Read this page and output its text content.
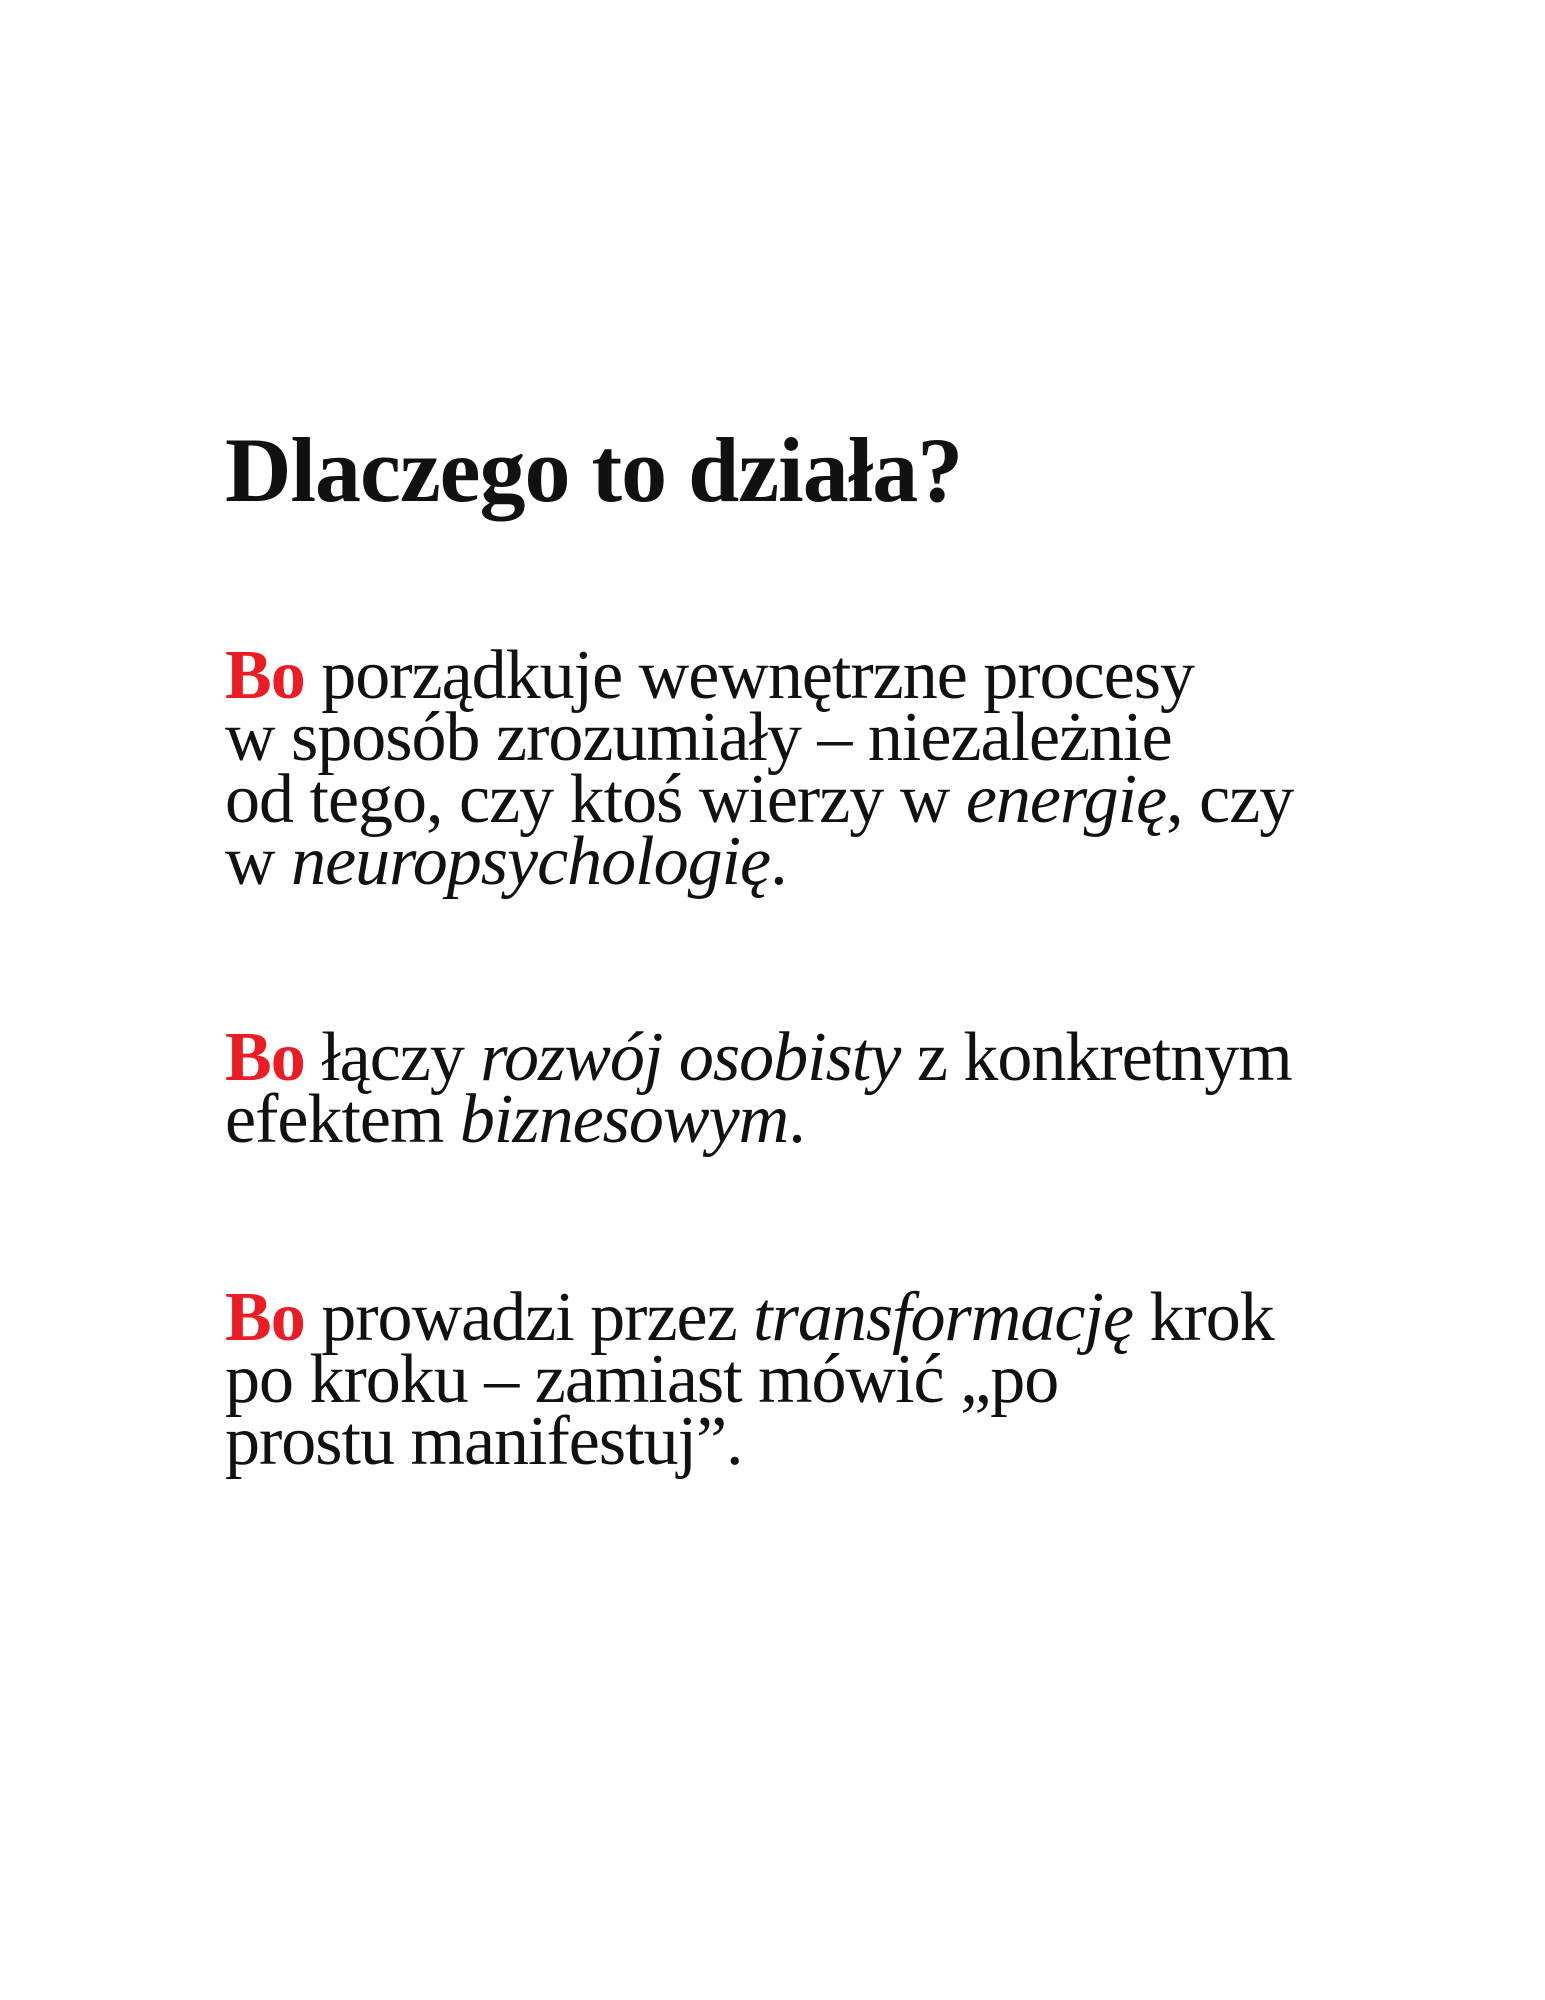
Dlaczego to działa?
Bo porządkuje wewnętrzne procesy
w sposób zrozumiały – niezależnie
od tego, czy ktoś wierzy w energię, czy
w neuropsychologię.
Bo łączy rozwój osobisty z konkretnym
efektem biznesowym.
Bo prowadzi przez transformację krok
po kroku – zamiast mówić „po
prostu manifestuj”.
